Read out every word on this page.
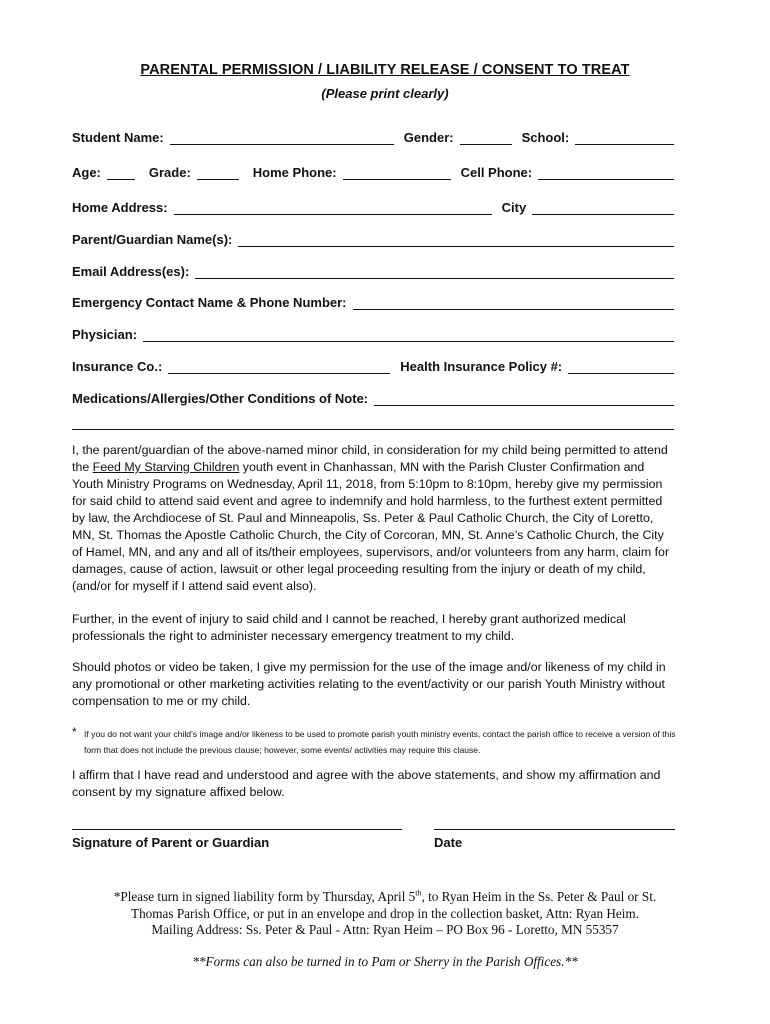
PARENTAL PERMISSION / LIABILITY RELEASE / CONSENT TO TREAT
(Please print clearly)
Student Name:	Gender:	School:
Age:	Grade:	Home Phone:	Cell Phone:
Home Address:	City
Parent/Guardian Name(s):
Email Address(es):
Emergency Contact Name & Phone Number:
Physician:
Insurance Co.:	Health Insurance Policy #:
Medications/Allergies/Other Conditions of Note:

I, the parent/guardian of the above-named minor child, in consideration for my child being permitted to attend the Feed My Starving Children youth event in Chanhassan, MN with the Parish Cluster Confirmation and Youth Ministry Programs on Wednesday, April 11, 2018, from 5:10pm to 8:10pm, hereby give my permission for said child to attend said event and agree to indemnify and hold harmless, to the furthest extent permitted by law, the Archdiocese of St. Paul and Minneapolis, Ss. Peter & Paul Catholic Church, the City of Loretto, MN, St. Thomas the Apostle Catholic Church, the City of Corcoran, MN, St. Anne’s Catholic Church, the City of Hamel, MN, and any and all of its/their employees, supervisors, and/or volunteers from any harm, claim for damages, cause of action, lawsuit or other legal proceeding resulting from the injury or death of my child, (and/or for myself if I attend said event also).

Further, in the event of injury to said child and I cannot be reached, I hereby grant authorized medical professionals the right to administer necessary emergency treatment to my child.

Should photos or video be taken, I give my permission for the use of the image and/or likeness of my child in any promotional or other marketing activities relating to the event/activity or our parish Youth Ministry without compensation to me or my child.

* If you do not want your child’s image and/or likeness to be used to promote parish youth ministry events, contact the parish office to receive a version of this form that does not include the previous clause; however, some events/ activities may require this clause.

I affirm that I have read and understood and agree with the above statements, and show my affirmation and consent by my signature affixed below.

Signature of Parent or Guardian	Date
*Please turn in signed liability form by Thursday, April 5th, to Ryan Heim in the Ss. Peter & Paul or St.
Thomas Parish Office, or put in an envelope and drop in the collection basket, Attn: Ryan Heim.
Mailing Address: Ss. Peter & Paul - Attn: Ryan Heim – PO Box 96 - Loretto, MN 55357
**Forms can also be turned in to Pam or Sherry in the Parish Offices.**
